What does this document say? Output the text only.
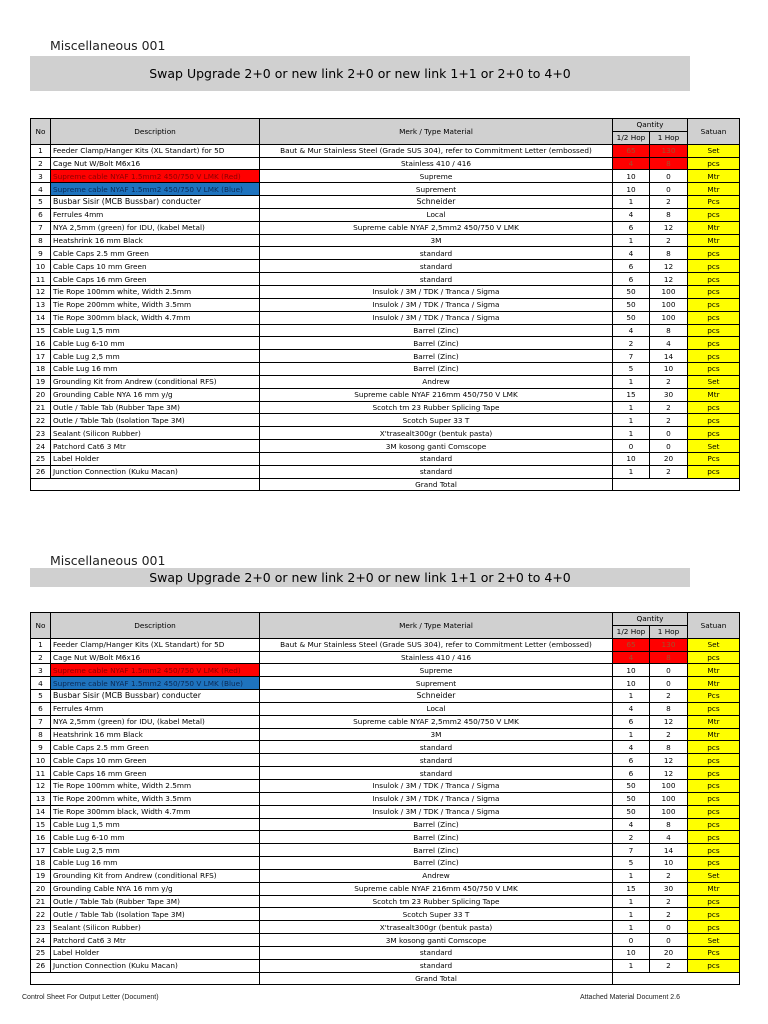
Miscellaneous 001
Swap Upgrade 2+0 or new link 2+0 or new link 1+1 or 2+0 to 4+0
No	Description	Merk / Type Material	Qantity		Satuan
			1/2 Hop	1 Hop	
1	Feeder Clamp/Hanger Kits (XL Standart) for 5D	Baut & Mur Stainless Steel (Grade SUS 304), refer to Commitment Letter (embossed)	65	130	Set
2	Cage Nut W/Bolt M6x16	Stainless 410 / 416	4	8	pcs
3	Supreme cable NYAF 1.5mm2 450/750 V LMK (Red)	Supreme	10	0	Mtr
4	Supreme cable NYAF 1.5mm2 450/750 V LMK (Blue)	Suprement	10	0	Mtr
5	Busbar Sisir (MCB Bussbar) conducter	Schneider	1	2	Pcs
6	Ferrules 4mm	Local	4	8	pcs
7	NYA 2,5mm (green) for IDU, (kabel Metal)	Supreme cable NYAF 2,5mm2 450/750 V LMK	6	12	Mtr
8	Heatshrink 16 mm Black	3M	1	2	Mtr
9	Cable Caps 2.5 mm Green	standard	4	8	pcs
10	Cable Caps 10 mm Green	standard	6	12	pcs
11	Cable Caps 16 mm Green	standard	6	12	pcs
12	Tie Rope 100mm white, Width 2.5mm	Insulok / 3M / TDK / Tranca / Sigma	50	100	pcs
13	Tie Rope 200mm white, Width 3.5mm	Insulok / 3M / TDK / Tranca / Sigma	50	100	pcs
14	Tie Rope 300mm black, Width 4.7mm	Insulok / 3M / TDK / Tranca / Sigma	50	100	pcs
15	Cable Lug 1,5 mm	Barrel (Zinc)	4	8	pcs
16	Cable Lug 6-10 mm	Barrel (Zinc)	2	4	pcs
17	Cable Lug 2,5 mm	Barrel (Zinc)	7	14	pcs
18	Cable Lug 16 mm	Barrel (Zinc)	5	10	pcs
19	Grounding Kit from Andrew (conditional RFS)	Andrew	1	2	Set
20	Grounding Cable NYA 16 mm y/g	Supreme cable NYAF 216mm 450/750 V LMK	15	30	Mtr
21	Outle / Table Tab (Rubber Tape 3M)	Scotch tm 23 Rubber Splicing Tape	1	2	pcs
22	Outle / Table Tab (Isolation Tape 3M)	Scotch Super 33 T	1	2	pcs
23	Sealant (Silicon Rubber)	X'trasealt300gr (bentuk pasta)	1	0	pcs
24	Patchord Cat6 3 Mtr	3M kosong ganti Comscope	0	0	Set
25	Label Holder	standard	10	20	Pcs
26	Junction Connection (Kuku Macan)	standard	1	2	pcs
		Grand Total			
Miscellaneous 001
Swap Upgrade 2+0 or new link 2+0 or new link 1+1 or 2+0 to 4+0
No	Description	Merk / Type Material	Qantity		Satuan
			1/2 Hop	1 Hop	
1	Feeder Clamp/Hanger Kits (XL Standart) for 5D	Baut & Mur Stainless Steel (Grade SUS 304), refer to Commitment Letter (embossed)	65	130	Set
2	Cage Nut W/Bolt M6x16	Stainless 410 / 416	4	8	pcs
3	Supreme cable NYAF 1.5mm2 450/750 V LMK (Red)	Supreme	10	0	Mtr
4	Supreme cable NYAF 1.5mm2 450/750 V LMK (Blue)	Suprement	10	0	Mtr
5	Busbar Sisir (MCB Bussbar) conducter	Schneider	1	2	Pcs
6	Ferrules 4mm	Local	4	8	pcs
7	NYA 2,5mm (green) for IDU, (kabel Metal)	Supreme cable NYAF 2,5mm2 450/750 V LMK	6	12	Mtr
8	Heatshrink 16 mm Black	3M	1	2	Mtr
9	Cable Caps 2.5 mm Green	standard	4	8	pcs
10	Cable Caps 10 mm Green	standard	6	12	pcs
11	Cable Caps 16 mm Green	standard	6	12	pcs
12	Tie Rope 100mm white, Width 2.5mm	Insulok / 3M / TDK / Tranca / Sigma	50	100	pcs
13	Tie Rope 200mm white, Width 3.5mm	Insulok / 3M / TDK / Tranca / Sigma	50	100	pcs
14	Tie Rope 300mm black, Width 4.7mm	Insulok / 3M / TDK / Tranca / Sigma	50	100	pcs
15	Cable Lug 1,5 mm	Barrel (Zinc)	4	8	pcs
16	Cable Lug 6-10 mm	Barrel (Zinc)	2	4	pcs
17	Cable Lug 2,5 mm	Barrel (Zinc)	7	14	pcs
18	Cable Lug 16 mm	Barrel (Zinc)	5	10	pcs
19	Grounding Kit from Andrew (conditional RFS)	Andrew	1	2	Set
20	Grounding Cable NYA 16 mm y/g	Supreme cable NYAF 216mm 450/750 V LMK	15	30	Mtr
21	Outle / Table Tab (Rubber Tape 3M)	Scotch tm 23 Rubber Splicing Tape	1	2	pcs
22	Outle / Table Tab (Isolation Tape 3M)	Scotch Super 33 T	1	2	pcs
23	Sealant (Silicon Rubber)	X'trasealt300gr (bentuk pasta)	1	0	pcs
24	Patchord Cat6 3 Mtr	3M kosong ganti Comscope	0	0	Set
25	Label Holder	standard	10	20	Pcs
26	Junction Connection (Kuku Macan)	standard	1	2	pcs
		Grand Total			
Control Sheet For Output Letter (Document)	Attached Material Document 2.6
